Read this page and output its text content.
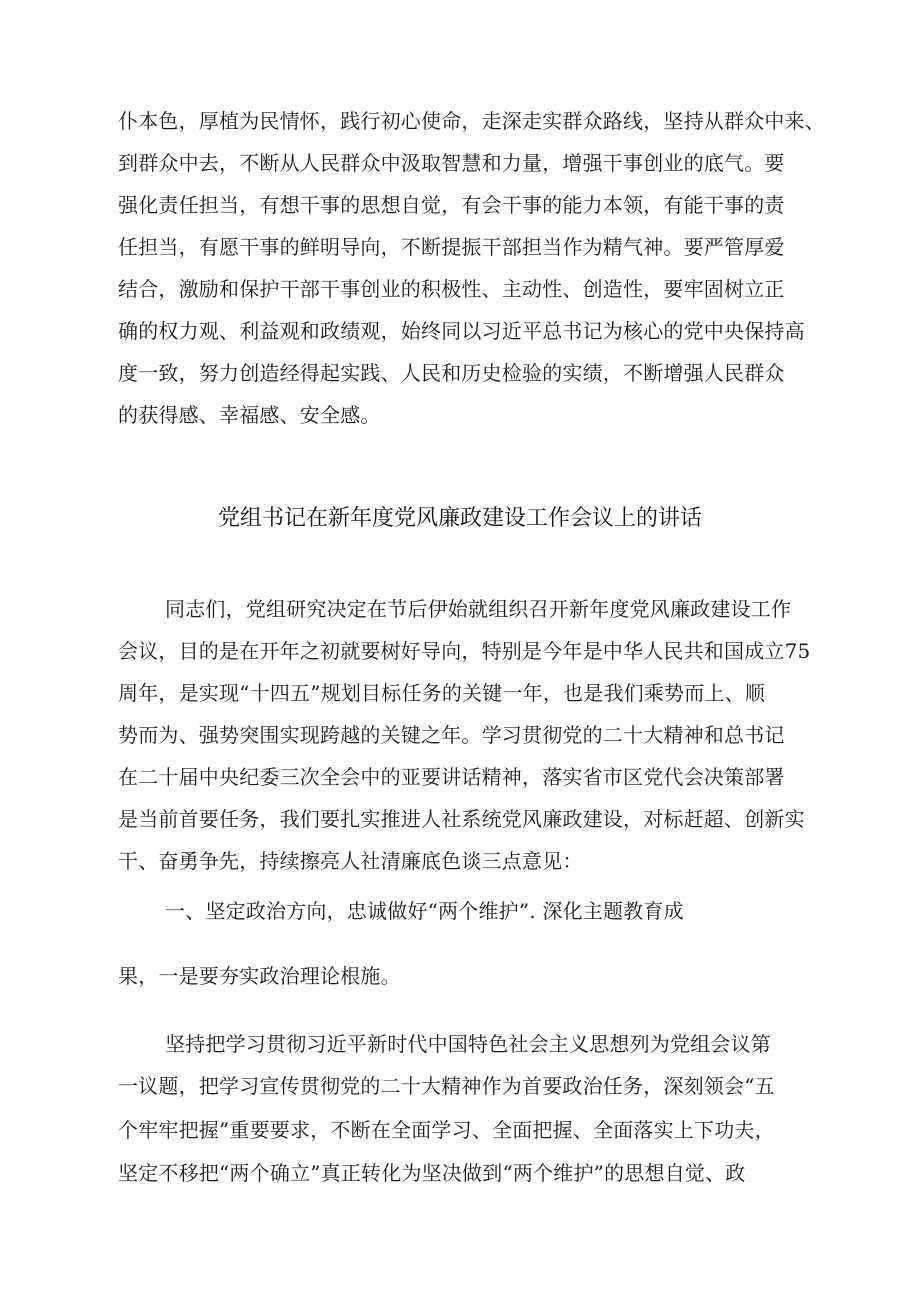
仆本色，厚植为民情怀，践行初心使命，走深走实群众路线，坚持从群众中来、
到群众中去，不断从人民群众中汲取智慧和力量，增强干事创业的底气。要
强化责任担当，有想干事的思想自觉，有会干事的能力本领，有能干事的责
任担当，有愿干事的鲜明导向，不断提振干部担当作为精气神。要严管厚爱
结合，激励和保护干部干事创业的积极性、主动性、创造性，要牢固树立正
确的权力观、利益观和政绩观，始终同以习近平总书记为核心的党中央保持高
度一致，努力创造经得起实践、人民和历史检验的实绩，不断增强人民群众
的获得感、幸福感、安全感。
党组书记在新年度党风廉政建设工作会议上的讲话
同志们，党组研究决定在节后伊始就组织召开新年度党风廉政建设工作
会议，目的是在开年之初就要树好导向，特别是今年是中华人民共和国成立75
周年，是实现“十四五”规划目标任务的关键一年，也是我们乘势而上、顺
势而为、强势突围实现跨越的关键之年。学习贯彻党的二十大精神和总书记
在二十届中央纪委三次全会中的亚要讲话精神，落实省市区党代会决策部署
是当前首要任务，我们要扎实推进人社系统党风廉政建设，对标赶超、创新实
干、奋勇争先，持续擦亮人社清廉底色谈三点意见：
一、坚定政治方向，忠诚做好“两个维护”. 深化主题教育成
果，一是要夯实政治理论根施。
坚持把学习贯彻习近平新时代中国特色社会主义思想列为党组会议第
一议题，把学习宣传贯彻党的二十大精神作为首要政治任务，深刻领会“五
个牢牢把握”重要要求，不断在全面学习、全面把握、全面落实上下功夫，
坚定不移把“两个确立”真正转化为坚决做到“两个维护”的思想自觉、政
